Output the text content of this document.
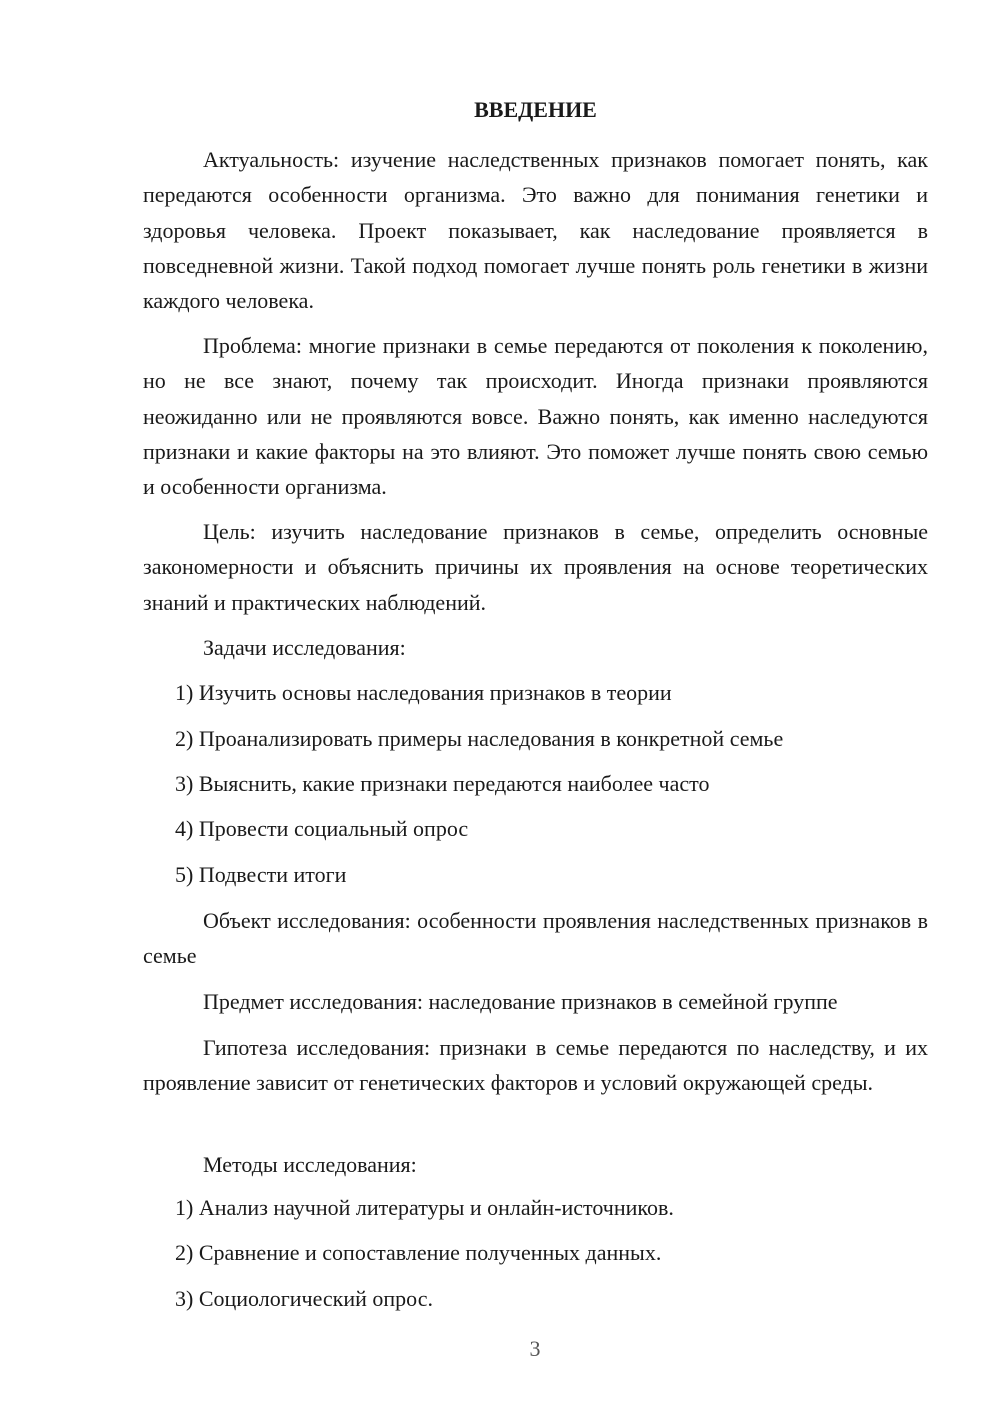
ВВЕДЕНИЕ

Актуальность: изучение наследственных признаков помогает понять, как передаются особенности организма. Это важно для понимания генетики и здоровья человека. Проект показывает, как наследование проявляется в повседневной жизни. Такой подход помогает лучше понять роль генетики в жизни каждого человека.

Проблема: многие признаки в семье передаются от поколения к поколению, но не все знают, почему так происходит. Иногда признаки проявляются неожиданно или не проявляются вовсе. Важно понять, как именно наследуются признаки и какие факторы на это влияют. Это поможет лучше понять свою семью и особенности организма.

Цель: изучить наследование признаков в семье, определить основные закономерности и объяснить причины их проявления на основе теоретических знаний и практических наблюдений.

Задачи исследования:

1) Изучить основы наследования признаков в теории

2) Проанализировать примеры наследования в конкретной семье

3) Выяснить, какие признаки передаются наиболее часто

4) Провести социальный опрос

5) Подвести итоги

Объект исследования: особенности проявления наследственных признаков в семье

Предмет исследования: наследование признаков в семейной группе

Гипотеза исследования: признаки в семье передаются по наследству, и их проявление зависит от генетических факторов и условий окружающей среды.

Методы исследования:

1) Анализ научной литературы и онлайн-источников.

2) Сравнение и сопоставление полученных данных.

3) Социологический опрос.

3
